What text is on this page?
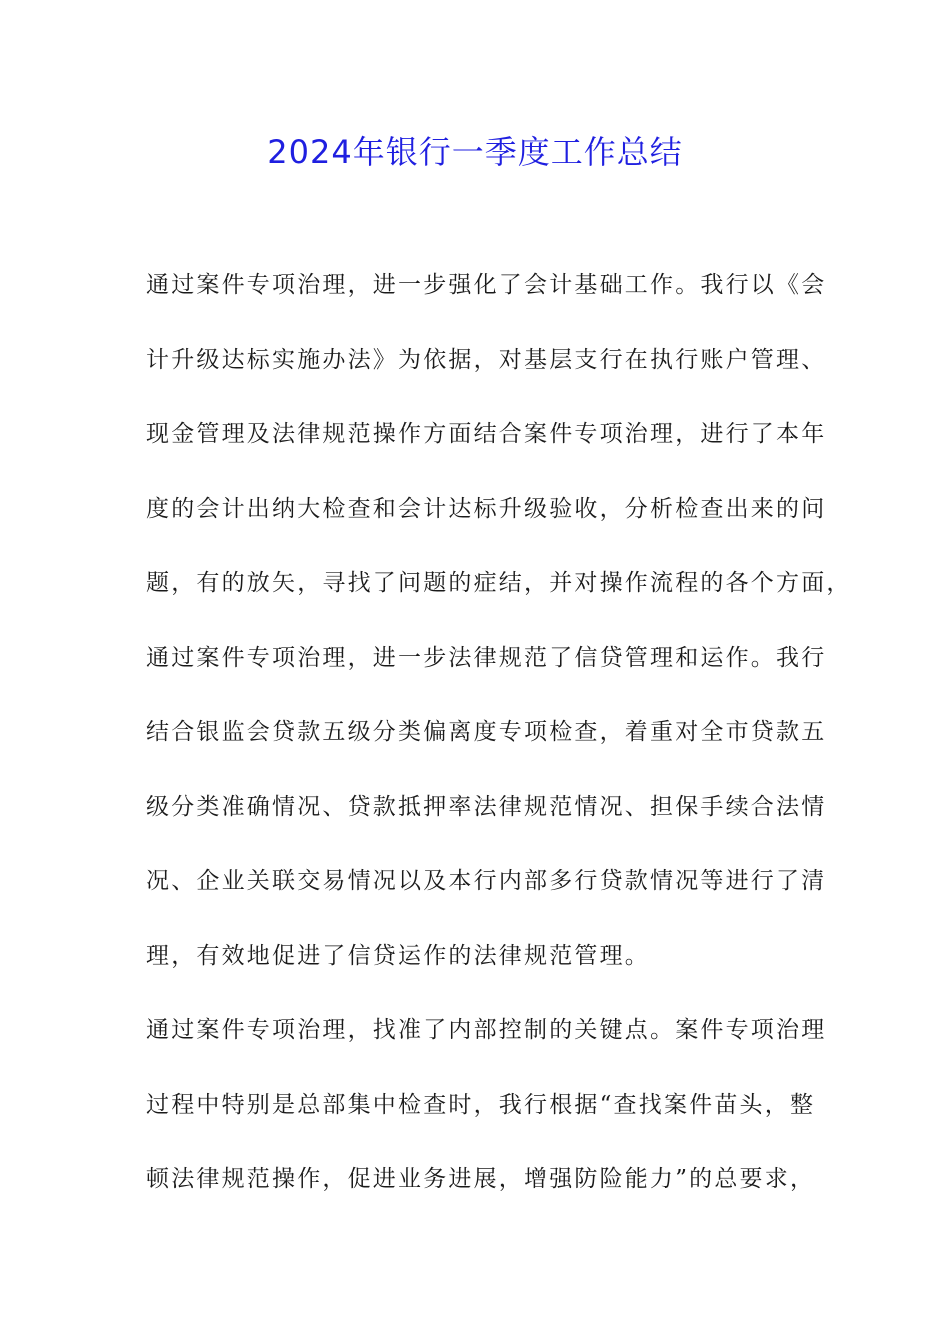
2024年银行一季度工作总结
通过案件专项治理，进一步强化了会计基础工作。我行以《会
计升级达标实施办法》为依据，对基层支行在执行账户管理、
现金管理及法律规范操作方面结合案件专项治理，进行了本年
度的会计出纳大检查和会计达标升级验收，分析检查出来的问
题，有的放矢，寻找了问题的症结，并对操作流程的各个方面，
通过案件专项治理，进一步法律规范了信贷管理和运作。我行
结合银监会贷款五级分类偏离度专项检查，着重对全市贷款五
级分类准确情况、贷款抵押率法律规范情况、担保手续合法情
况、企业关联交易情况以及本行内部多行贷款情况等进行了清
理，有效地促进了信贷运作的法律规范管理。
通过案件专项治理，找准了内部控制的关键点。案件专项治理
过程中特别是总部集中检查时，我行根据“查找案件苗头，整
顿法律规范操作，促进业务进展，增强防险能力”的总要求，
